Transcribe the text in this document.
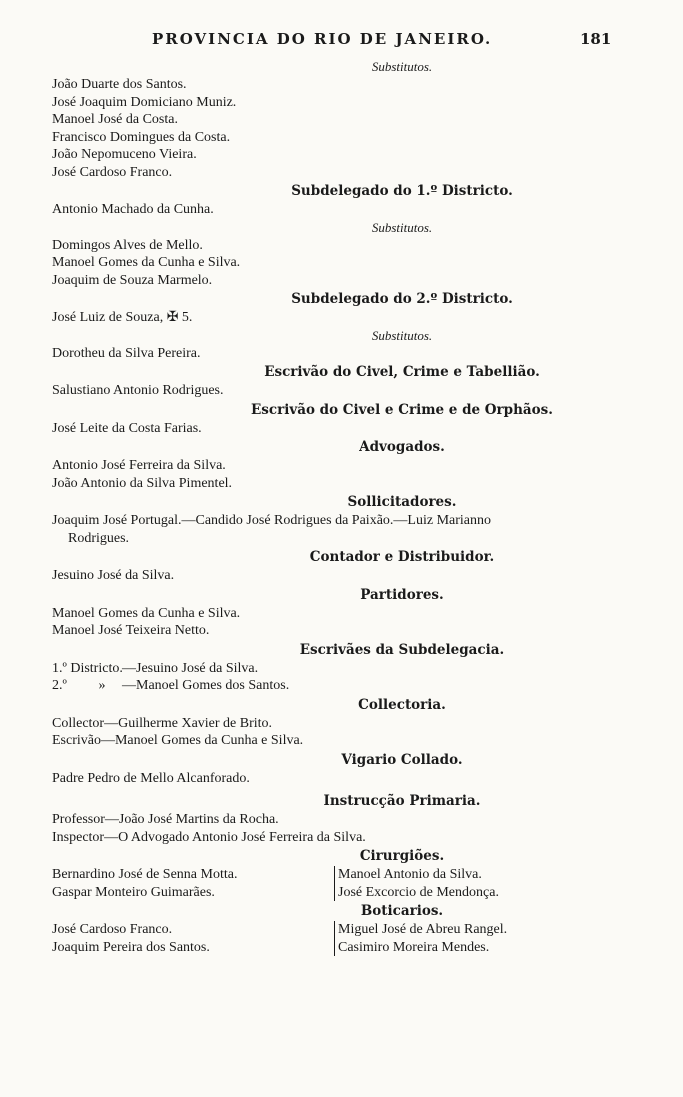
PROVINCIA DO RIO DE JANEIRO.	181
Substitutos.
João Duarte dos Santos.
José Joaquim Domiciano Muniz.
Manoel José da Costa.
Francisco Domingues da Costa.
João Nepomuceno Vieira.
José Cardoso Franco.
Subdelegado do 1.º Districto.
Antonio Machado da Cunha.
Substitutos.
Domingos Alves de Mello.
Manoel Gomes da Cunha e Silva.
Joaquim de Souza Marmelo.
Subdelegado do 2.º Districto.
José Luiz de Souza, ✠ 5.
Substitutos.
Dorotheu da Silva Pereira.
Escrivão do Civel, Crime e Tabellião.
Salustiano Antonio Rodrigues.
Escrivão do Civel e Crime e de Orphãos.
José Leite da Costa Farias.
Advogados.
Antonio José Ferreira da Silva.
João Antonio da Silva Pimentel.
Sollicitadores.
Joaquim José Portugal.—Candido José Rodrigues da Paixão.—Luiz Marianno
Rodrigues.
Contador e Distribuidor.
Jesuino José da Silva.
Partidores.
Manoel Gomes da Cunha e Silva.
Manoel José Teixeira Netto.
Escrivães da Subdelegacia.
1.º Districto.—Jesuino José da Silva.
2.º » —Manoel Gomes dos Santos.
Collectoria.
Collector—Guilherme Xavier de Brito.
Escrivão—Manoel Gomes da Cunha e Silva.
Vigario Collado.
Padre Pedro de Mello Alcanforado.
Instrucção Primaria.
Professor—João José Martins da Rocha.
Inspector—O Advogado Antonio José Ferreira da Silva.
Cirurgiões.
Bernardino José de Senna Motta.
Gaspar Monteiro Guimarães.
Manoel Antonio da Silva.
José Excorcio de Mendonça.
Boticarios.
José Cardoso Franco.
Joaquim Pereira dos Santos.
Miguel José de Abreu Rangel.
Casimiro Moreira Mendes.
